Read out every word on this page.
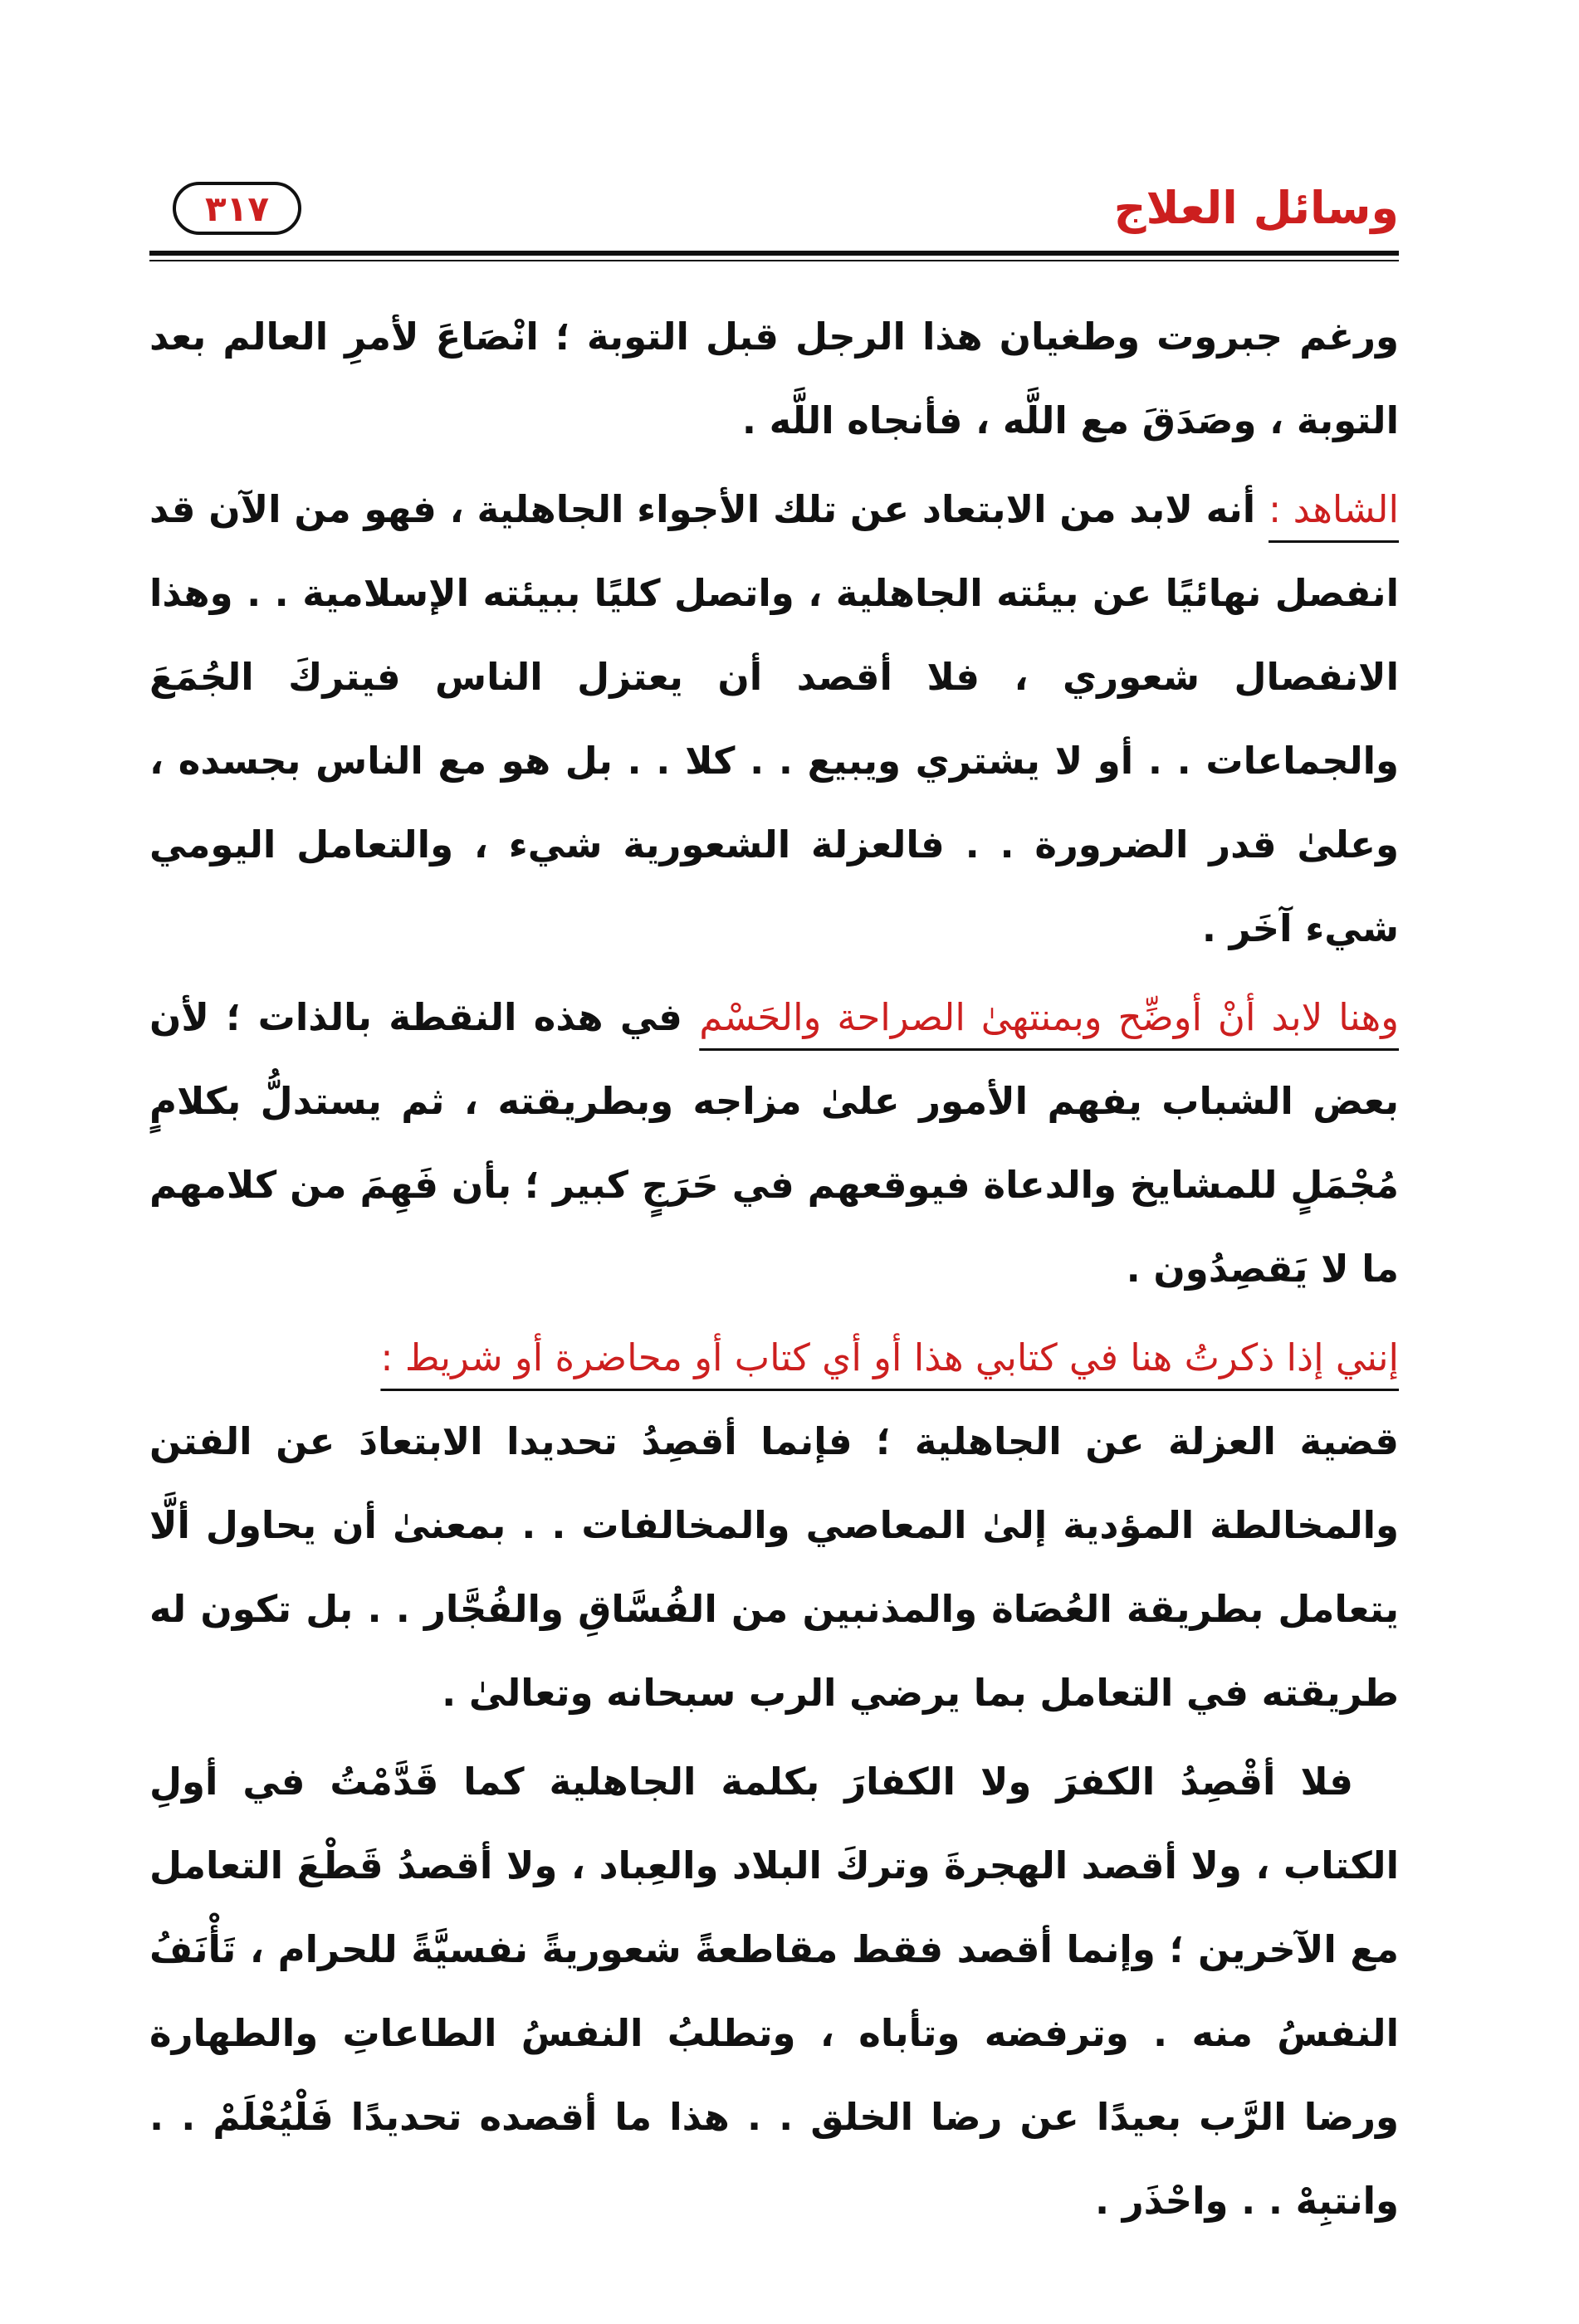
وسائل العلاج
٣١٧

ورغم جبروت وطغيان هذا الرجل قبل التوبة ؛ انْصَاعَ لأمرِ العالم بعد التوبة ، وصَدَقَ مع اللَّه ، فأنجاه اللَّه .

الشاهد : أنه لابد من الابتعاد عن تلك الأجواء الجاهلية ، فهو من الآن قد انفصل نهائيًا عن بيئته الجاهلية ، واتصل كليًا ببيئته الإسلامية . . وهذا الانفصال شعوري ، فلا أقصد أن يعتزل الناس فيتركَ الجُمَعَ والجماعات . . أو لا يشتري ويبيع . . كلا . . بل هو مع الناس بجسده ، وعلىٰ قدر الضرورة . . فالعزلة الشعورية شيء ، والتعامل اليومي شيء آخَر .

وهنا لابد أنْ أوضِّح وبمنتهىٰ الصراحة والحَسْم في هذه النقطة بالذات ؛ لأن بعض الشباب يفهم الأمور علىٰ مزاجه وبطريقته ، ثم يستدلُّ بكلامٍ مُجْمَلٍ للمشايخ والدعاة فيوقعهم في حَرَجٍ كبير ؛ بأن فَهِمَ من كلامهم ما لا يَقصِدُون .

إنني إذا ذكرتُ هنا في كتابي هذا أو أي كتاب أو محاضرة أو شريط :

قضية العزلة عن الجاهلية ؛ فإنما أقصِدُ تحديدا الابتعادَ عن الفتن والمخالطة المؤدية إلىٰ المعاصي والمخالفات . . بمعنىٰ أن يحاول ألَّا يتعامل بطريقة العُصَاة والمذنبين من الفُسَّاقِ والفُجَّار . . بل تكون له طريقته في التعامل بما يرضي الرب سبحانه وتعالىٰ .

فلا أقْصِدُ الكفرَ ولا الكفارَ بكلمة الجاهلية كما قَدَّمْتُ في أولِ الكتاب ، ولا أقصد الهجرةَ وتركَ البلاد والعِباد ، ولا أقصدُ قَطْعَ التعامل مع الآخرين ؛ وإنما أقصد فقط مقاطعةً شعوريةً نفسيَّةً للحرام ، تَأْنَفُ النفسُ منه . وترفضه وتأباه ، وتطلبُ النفسُ الطاعاتِ والطهارة ورضا الرَّب بعيدًا عن رضا الخلق . . هذا ما أقصده تحديدًا فَلْيُعْلَمْ . . وانتبِهْ . . واحْذَر .
